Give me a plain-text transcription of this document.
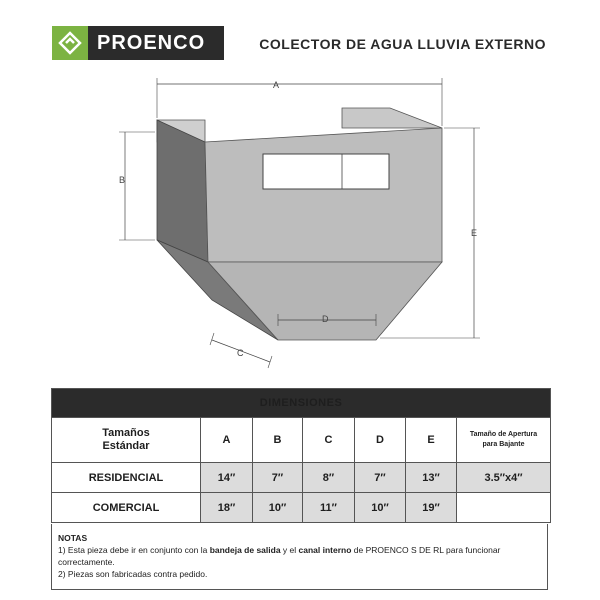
PROENCO	COLECTOR DE AGUA LLUVIA EXTERNO
A
B
E
D
C
DIMENSIONES						

Tamaños Estándar	A	B	C	D	E	Tamaño de Apertura para Bajante

RESIDENCIAL	14″	7″	8″	7″	13″	3.5″x4″
COMERCIAL	18″	10″	11″	10″	19″	
NOTAS
1) Esta pieza debe ir en conjunto con la bandeja de salida y el canal interno de PROENCO S DE RL para funcionar correctamente.
2) Piezas son fabricadas contra pedido.
